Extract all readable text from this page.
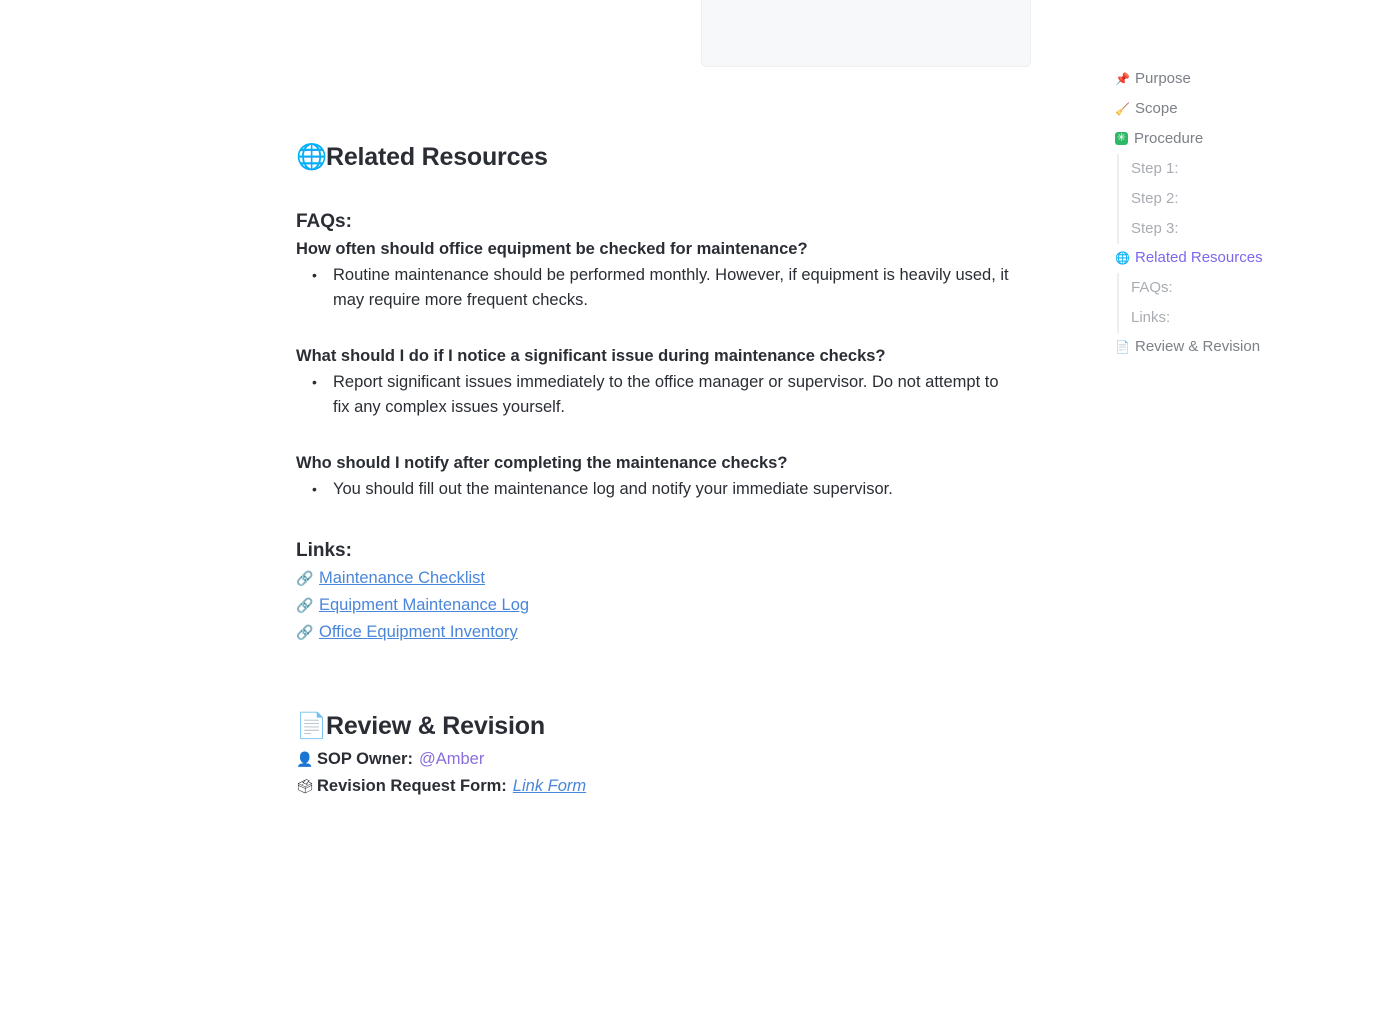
🌐 Related Resources
FAQs:
How often should office equipment be checked for maintenance?
• Routine maintenance should be performed monthly. However, if equipment is heavily used, it
may require more frequent checks.
What should I do if I notice a significant issue during maintenance checks?
• Report significant issues immediately to the office manager or supervisor. Do not attempt to
fix any complex issues yourself.
Who should I notify after completing the maintenance checks?
• You should fill out the maintenance log and notify your immediate supervisor.
Links:
🔗 Maintenance Checklist
🔗 Equipment Maintenance Log
🔗 Office Equipment Inventory
📄 Review & Revision
👤 SOP Owner: @Amber
🗳 Revision Request Form: Link Form
📌 Purpose
🧹 Scope
✳ Procedure
Step 1:
Step 2:
Step 3:
🌐 Related Resources
FAQs:
Links:
📄 Review & Revision
